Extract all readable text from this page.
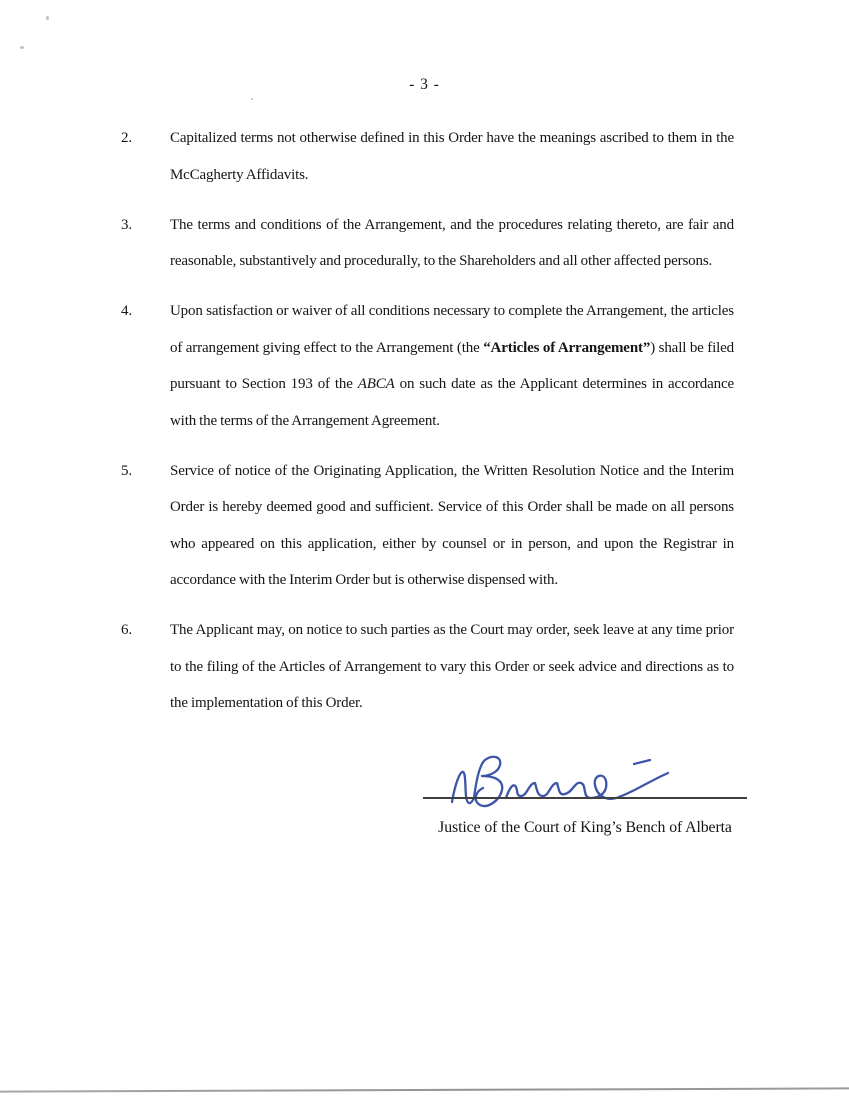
- 3 -
2.	Capitalized terms not otherwise defined in this Order have the meanings ascribed to them in the McCagherty Affidavits.
3.	The terms and conditions of the Arrangement, and the procedures relating thereto, are fair and reasonable, substantively and procedurally, to the Shareholders and all other affected persons.
4.	Upon satisfaction or waiver of all conditions necessary to complete the Arrangement, the articles of arrangement giving effect to the Arrangement (the “Articles of Arrangement”) shall be filed pursuant to Section 193 of the ABCA on such date as the Applicant determines in accordance with the terms of the Arrangement Agreement.
5.	Service of notice of the Originating Application, the Written Resolution Notice and the Interim Order is hereby deemed good and sufficient. Service of this Order shall be made on all persons who appeared on this application, either by counsel or in person, and upon the Registrar in accordance with the Interim Order but is otherwise dispensed with.
6.	The Applicant may, on notice to such parties as the Court may order, seek leave at any time prior to the filing of the Articles of Arrangement to vary this Order or seek advice and directions as to the implementation of this Order.
Justice of the Court of King’s Bench of Alberta
